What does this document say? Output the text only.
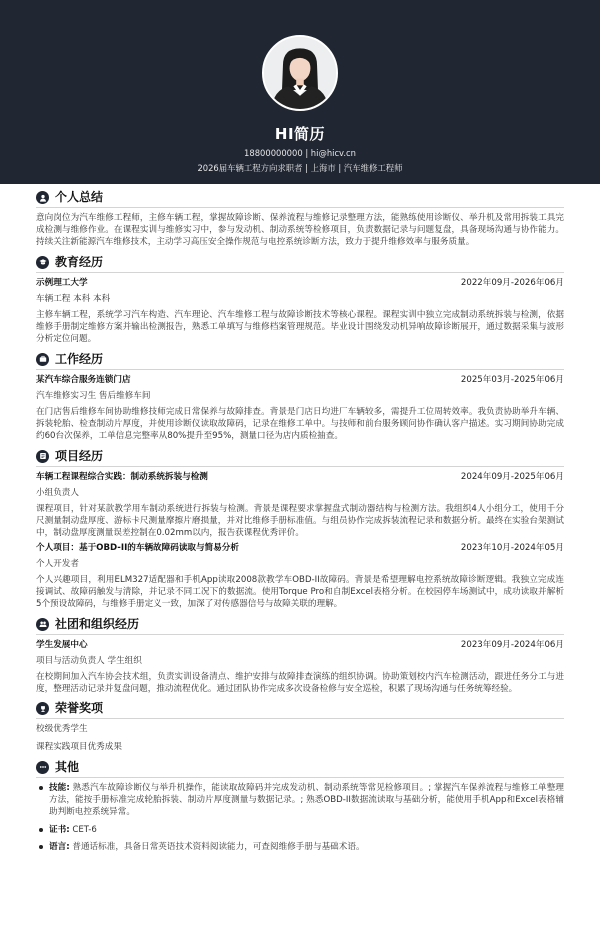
HI简历
18800000000 | hi@hicv.cn
2026届车辆工程方向求职者 | 上海市 | 汽车维修工程师
个人总结

意向岗位为汽车维修工程师，主修车辆工程，掌握故障诊断、保养流程与维修记录整理方法，能熟练使用诊断仪、举升机及常用拆装工具完成检测与维修作业。在课程实训与维修实习中，参与发动机、制动系统等检修项目，负责数据记录与问题复盘，具备现场沟通与协作能力。持续关注新能源汽车维修技术，主动学习高压安全操作规范与电控系统诊断方法，致力于提升维修效率与服务质量。

教育经历
示例理工大学	2022年09月-2026年06月
车辆工程 本科 本科

主修车辆工程，系统学习汽车构造、汽车理论、汽车维修工程与故障诊断技术等核心课程。课程实训中独立完成制动系统拆装与检测，依据维修手册制定维修方案并输出检测报告，熟悉工单填写与维修档案管理规范。毕业设计围绕发动机异响故障诊断展开，通过数据采集与波形分析定位问题。

工作经历
某汽车综合服务连锁门店	2025年03月-2025年06月
汽车维修实习生 售后维修车间

在门店售后维修车间协助维修技师完成日常保养与故障排查。背景是门店日均进厂车辆较多，需提升工位周转效率。我负责协助举升车辆、拆装轮胎、检查制动片厚度，并使用诊断仪读取故障码，记录在维修工单中。与技师和前台服务顾问协作确认客户描述。实习期间协助完成约60台次保养，工单信息完整率从80%提升至95%，测量口径为店内质检抽查。

项目经历
车辆工程课程综合实践：制动系统拆装与检测	2024年09月-2025年06月
小组负责人

课程项目，针对某款教学用车制动系统进行拆装与检测。背景是课程要求掌握盘式制动器结构与检测方法。我组织4人小组分工，使用千分尺测量制动盘厚度、游标卡尺测量摩擦片磨损量，并对比维修手册标准值。与组员协作完成拆装流程记录和数据分析。最终在实验台架测试中，制动盘厚度测量误差控制在0.02mm以内，报告获课程优秀评价。

个人项目：基于OBD-II的车辆故障码读取与简易分析	2023年10月-2024年05月
个人开发者

个人兴趣项目，利用ELM327适配器和手机App读取2008款教学车OBD-II故障码。背景是希望理解电控系统故障诊断逻辑。我独立完成连接调试、故障码触发与清除，并记录不同工况下的数据流。使用Torque Pro和自制Excel表格分析。在校园停车场测试中，成功读取并解析5个预设故障码，与维修手册定义一致，加深了对传感器信号与故障关联的理解。

社团和组织经历
学生发展中心	2023年09月-2024年06月
项目与活动负责人 学生组织

在校期间加入汽车协会技术组，负责实训设备清点、维护安排与故障排查演练的组织协调。协助策划校内汽车检测活动，跟进任务分工与进度，整理活动记录并复盘问题，推动流程优化。通过团队协作完成多次设备检修与安全巡检，积累了现场沟通与任务统筹经验。

荣誉奖项
校级优秀学生
课程实践项目优秀成果
其他
技能: 熟悉汽车故障诊断仪与举升机操作，能读取故障码并完成发动机、制动系统等常见检修项目。; 掌握汽车保养流程与维修工单整理方法，能按手册标准完成轮胎拆装、制动片厚度测量与数据记录。; 熟悉OBD-II数据流读取与基础分析，能使用手机App和Excel表格辅助判断电控系统异常。
证书: CET-6
语言: 普通话标准，具备日常英语技术资料阅读能力，可查阅维修手册与基础术语。
